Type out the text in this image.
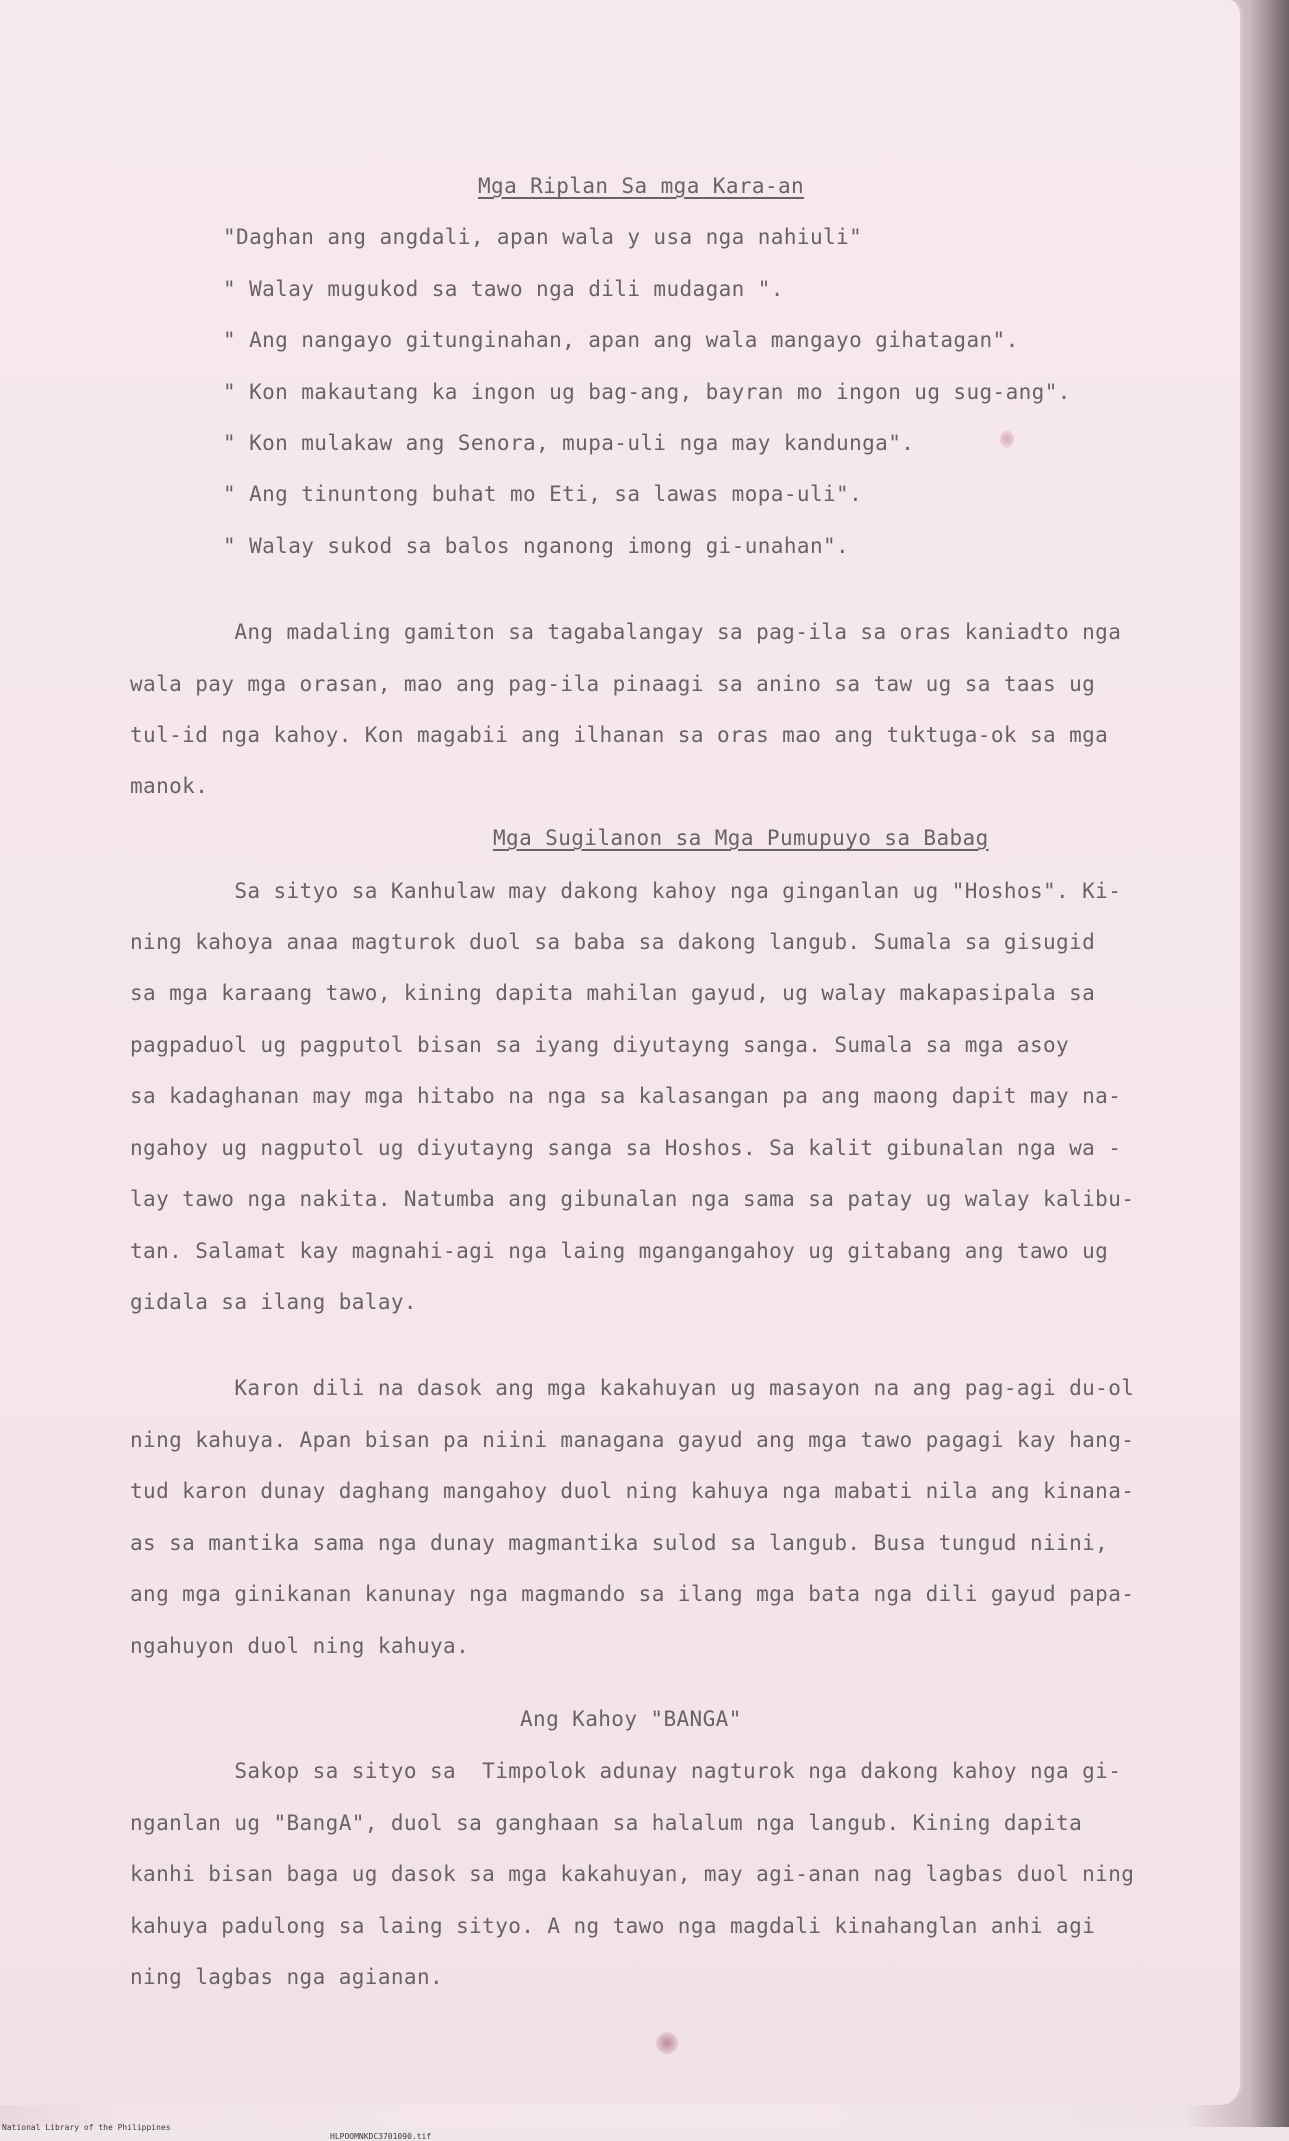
Mga Riplan Sa mga Kara-an
"Daghan ang angdali, apan wala y usa nga nahiuli"
" Walay mugukod sa tawo nga dili mudagan ".
" Ang nangayo gitunginahan, apan ang wala mangayo gihatagan".
" Kon makautang ka ingon ug bag-ang, bayran mo ingon ug sug-ang".
" Kon mulakaw ang Senora, mupa-uli nga may kandunga".
" Ang tinuntong buhat mo Eti, sa lawas mopa-uli".
" Walay sukod sa balos nganong imong gi-unahan".
Ang madaling gamiton sa tagabalangay sa pag-ila sa oras kaniadto nga
wala pay mga orasan, mao ang pag-ila pinaagi sa anino sa taw ug sa taas ug
tul-id nga kahoy. Kon magabii ang ilhanan sa oras mao ang tuktuga-ok sa mga
manok.
Mga Sugilanon sa Mga Pumupuyo sa Babag
Sa sityo sa Kanhulaw may dakong kahoy nga ginganlan ug "Hoshos". Ki-
ning kahoya anaa magturok duol sa baba sa dakong langub. Sumala sa gisugid
sa mga karaang tawo, kining dapita mahilan gayud, ug walay makapasipala sa
pagpaduol ug pagputol bisan sa iyang diyutayng sanga. Sumala sa mga asoy
sa kadaghanan may mga hitabo na nga sa kalasangan pa ang maong dapit may na-
ngahoy ug nagputol ug diyutayng sanga sa Hoshos. Sa kalit gibunalan nga wa -
lay tawo nga nakita. Natumba ang gibunalan nga sama sa patay ug walay kalibu-
tan. Salamat kay magnahi-agi nga laing mgangangahoy ug gitabang ang tawo ug
gidala sa ilang balay.
Karon dili na dasok ang mga kakahuyan ug masayon na ang pag-agi du-ol
ning kahuya. Apan bisan pa niini managana gayud ang mga tawo pagagi kay hang-
tud karon dunay daghang mangahoy duol ning kahuya nga mabati nila ang kinana-
as sa mantika sama nga dunay magmantika sulod sa langub. Busa tungud niini,
ang mga ginikanan kanunay nga magmando sa ilang mga bata nga dili gayud papa-
ngahuyon duol ning kahuya.
Ang Kahoy "BANGA"
Sakop sa sityo sa  Timpolok adunay nagturok nga dakong kahoy nga gi-
nganlan ug "BangA", duol sa ganghaan sa halalum nga langub. Kining dapita
kanhi bisan baga ug dasok sa mga kakahuyan, may agi-anan nag lagbas duol ning
kahuya padulong sa laing sityo. A ng tawo nga magdali kinahanglan anhi agi
ning lagbas nga agianan.

National Library of the Philippines

HLPOOMNKDC3701090.tif
